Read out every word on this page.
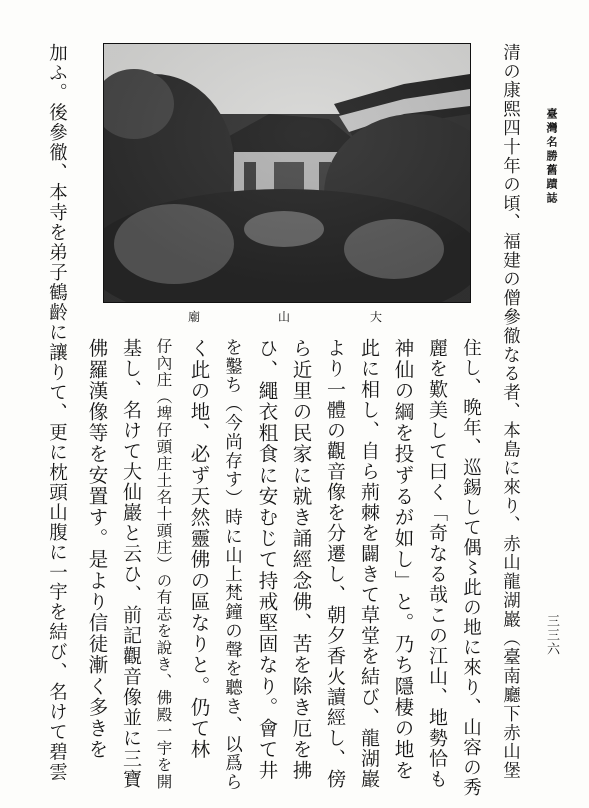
臺灣名勝舊蹟誌
三三六
大
山
廟	清の康熙四十年の頃、福建の僧參徹なる者、本島に來り、赤山龍湖巖（臺南廳下赤山堡
加ふ。後參徹、本寺を弟子鶴齡に讓りて、更に枕頭山腹に一宇を結び、名けて碧雲	住し、晩年、巡錫して偶〻此の地に來り、山容の秀
麗を歎美して曰く「奇なる哉この江山、地勢恰も
神仙の綱を投ずるが如し」と。乃ち隱棲の地を
此に相し、自ら荊棘を闢きて草堂を結び、龍湖巖
より一體の觀音像を分遷し、朝夕香火讀經し、傍
ら近里の民家に就き誦經念佛、苦を除き厄を拂
ひ、繩衣粗食に安むじて持戒堅固なり。會て井
を鑿ち（今尚存す）時に山上梵鐘の聲を聽き、以爲ら
く此の地、必ず天然靈佛の區なりと。仍て林
仔內庄（埤仔頭庄土名十頭庄）の有志を說き、佛殿一宇を開
基し、名けて大仙巖と云ひ、前記觀音像並に三寶
佛羅漢像等を安置す。是より信徒漸く多きを
